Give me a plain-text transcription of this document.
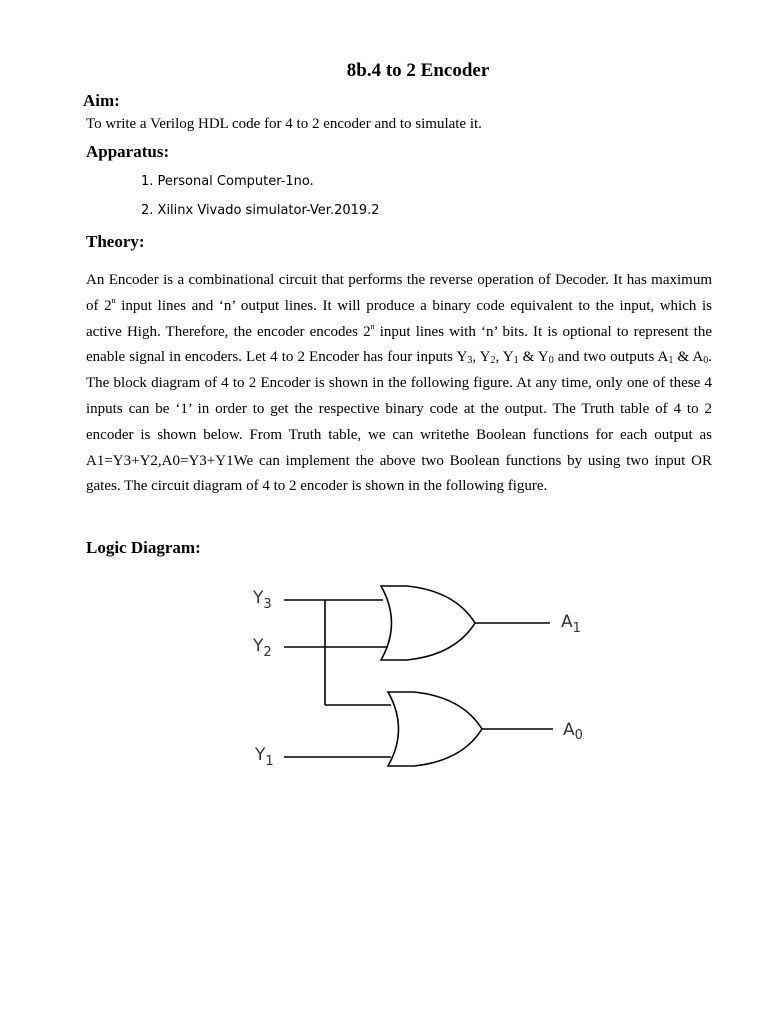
8b.4 to 2 Encoder
Aim:
To write a Verilog HDL code for 4 to 2 encoder and to simulate it.
Apparatus:
1. Personal Computer-1no.
2. Xilinx Vivado simulator-Ver.2019.2
Theory:

An Encoder is a combinational circuit that performs the reverse operation of Decoder. It has maximum of 2$^n$ input lines and ‘n’ output lines. It will produce a binary code equivalent to the input, which is active High. Therefore, the encoder encodes 2$^n$ input lines with ‘n’ bits. It is optional to represent the enable signal in encoders. Let 4 to 2 Encoder has four inputs $Y_3$, $Y_2$, $Y_1$ & $Y_0$ and two outputs $A_1$ & $A_0$. The block diagram of 4 to 2 Encoder is shown in the following figure. At any time, only one of these 4 inputs can be ‘1’ in order to get the respective binary code at the output. The Truth table of 4 to 2 encoder is shown below. From Truth table, we can writethe Boolean functions for each output as A1=Y3+Y2,A0=Y3+Y1We can implement the above two Boolean functions by using two input OR gates. The circuit diagram of 4 to 2 encoder is shown in the following figure.

Logic Diagram:
$Y_3$
$Y_2$
$Y_1$
$A_1$
$A_0$
